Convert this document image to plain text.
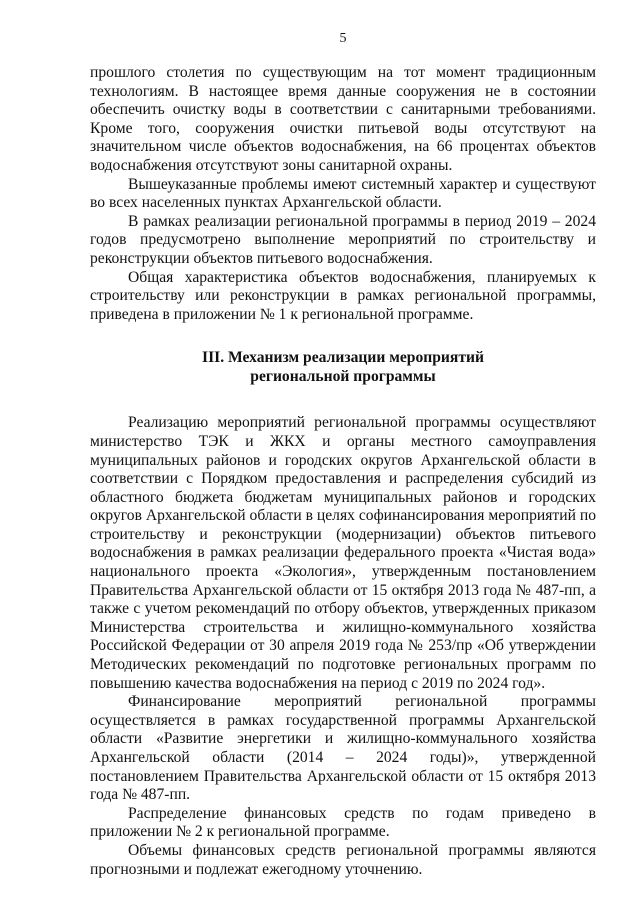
5

прошлого столетия по существующим на тот момент традиционным технологиям. В настоящее время данные сооружения не в состоянии обеспечить очистку воды в соответствии с санитарными требованиями. Кроме того, сооружения очистки питьевой воды отсутствуют на значительном числе объектов водоснабжения, на 66 процентах объектов водоснабжения отсутствуют зоны санитарной охраны.

Вышеуказанные проблемы имеют системный характер и существуют во всех населенных пунктах Архангельской области.

В рамках реализации региональной программы в период 2019 – 2024 годов предусмотрено выполнение мероприятий по строительству и реконструкции объектов питьевого водоснабжения.

Общая характеристика объектов водоснабжения, планируемых к строительству или реконструкции в рамках региональной программы, приведена в приложении № 1 к региональной программе.

III. Механизм реализации мероприятий
региональной программы

Реализацию мероприятий региональной программы осуществляют министерство ТЭК и ЖКХ и органы местного самоуправления муниципальных районов и городских округов Архангельской области в соответствии с Порядком предоставления и распределения субсидий из областного бюджета бюджетам муниципальных районов и городских округов Архангельской области в целях софинансирования мероприятий по строительству и реконструкции (модернизации) объектов питьевого водоснабжения в рамках реализации федерального проекта «Чистая вода» национального проекта «Экология», утвержденным постановлением Правительства Архангельской области от 15 октября 2013 года № 487-пп, а также с учетом рекомендаций по отбору объектов, утвержденных приказом Министерства строительства и жилищно-коммунального хозяйства Российской Федерации от 30 апреля 2019 года № 253/пр «Об утверждении Методических рекомендаций по подготовке региональных программ по повышению качества водоснабжения на период с 2019 по 2024 год».

Финансирование мероприятий региональной программы осуществляется в рамках государственной программы Архангельской области «Развитие энергетики и жилищно-коммунального хозяйства Архангельской области (2014 – 2024 годы)», утвержденной постановлением Правительства Архангельской области от 15 октября 2013 года № 487-пп.

Распределение финансовых средств по годам приведено в приложении № 2 к региональной программе.

Объемы финансовых средств региональной программы являются прогнозными и подлежат ежегодному уточнению.
